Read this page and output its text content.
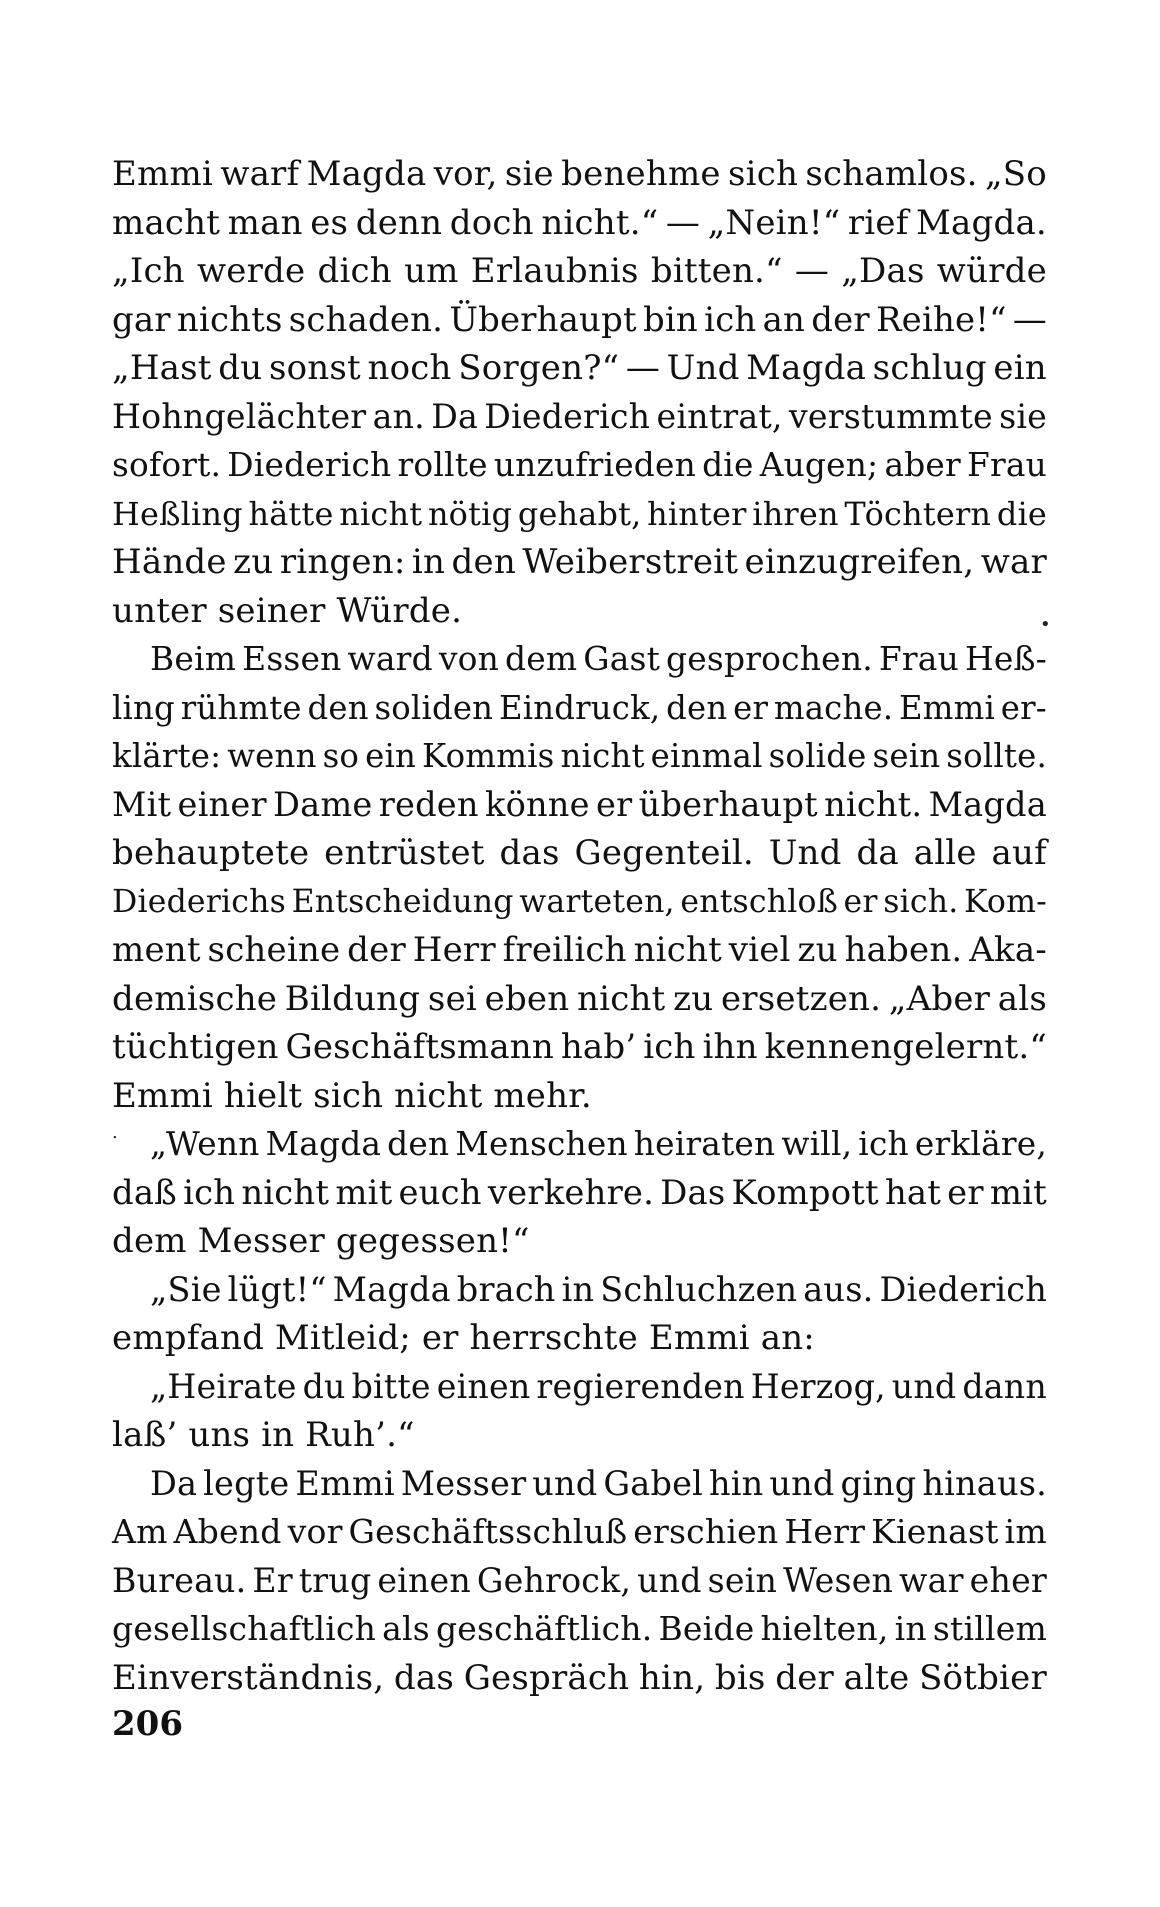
Emmi warf Magda vor, sie benehme sich schamlos. „So
macht man es denn doch nicht.“ — „Nein!“ rief Magda.
„Ich werde dich um Erlaubnis bitten.“ — „Das würde
gar nichts schaden. Überhaupt bin ich an der Reihe!“ —
„Hast du sonst noch Sorgen?“ — Und Magda schlug ein
Hohngelächter an. Da Diederich eintrat, verstummte sie
sofort. Diederich rollte unzufrieden die Augen; aber Frau
Heßling hätte nicht nötig gehabt, hinter ihren Töchtern die
Hände zu ringen: in den Weiberstreit einzugreifen, war
unter seiner Würde.
Beim Essen ward von dem Gast gesprochen. Frau Heß-
ling rühmte den soliden Eindruck, den er mache. Emmi er-
klärte: wenn so ein Kommis nicht einmal solide sein sollte.
Mit einer Dame reden könne er überhaupt nicht. Magda
behauptete entrüstet das Gegenteil. Und da alle auf
Diederichs Entscheidung warteten, entschloß er sich. Kom-
ment scheine der Herr freilich nicht viel zu haben. Aka-
demische Bildung sei eben nicht zu ersetzen. „Aber als
tüchtigen Geschäftsmann hab’ ich ihn kennengelernt.“
Emmi hielt sich nicht mehr.
„Wenn Magda den Menschen heiraten will, ich erkläre,
daß ich nicht mit euch verkehre. Das Kompott hat er mit
dem Messer gegessen!“
„Sie lügt!“ Magda brach in Schluchzen aus. Diederich
empfand Mitleid; er herrschte Emmi an:
„Heirate du bitte einen regierenden Herzog, und dann
laß’ uns in Ruh’.“
Da legte Emmi Messer und Gabel hin und ging hinaus.
Am Abend vor Geschäftsschluß erschien Herr Kienast im
Bureau. Er trug einen Gehrock, und sein Wesen war eher
gesellschaftlich als geschäftlich. Beide hielten, in stillem
Einverständnis, das Gespräch hin, bis der alte Sötbier
•
.
206
